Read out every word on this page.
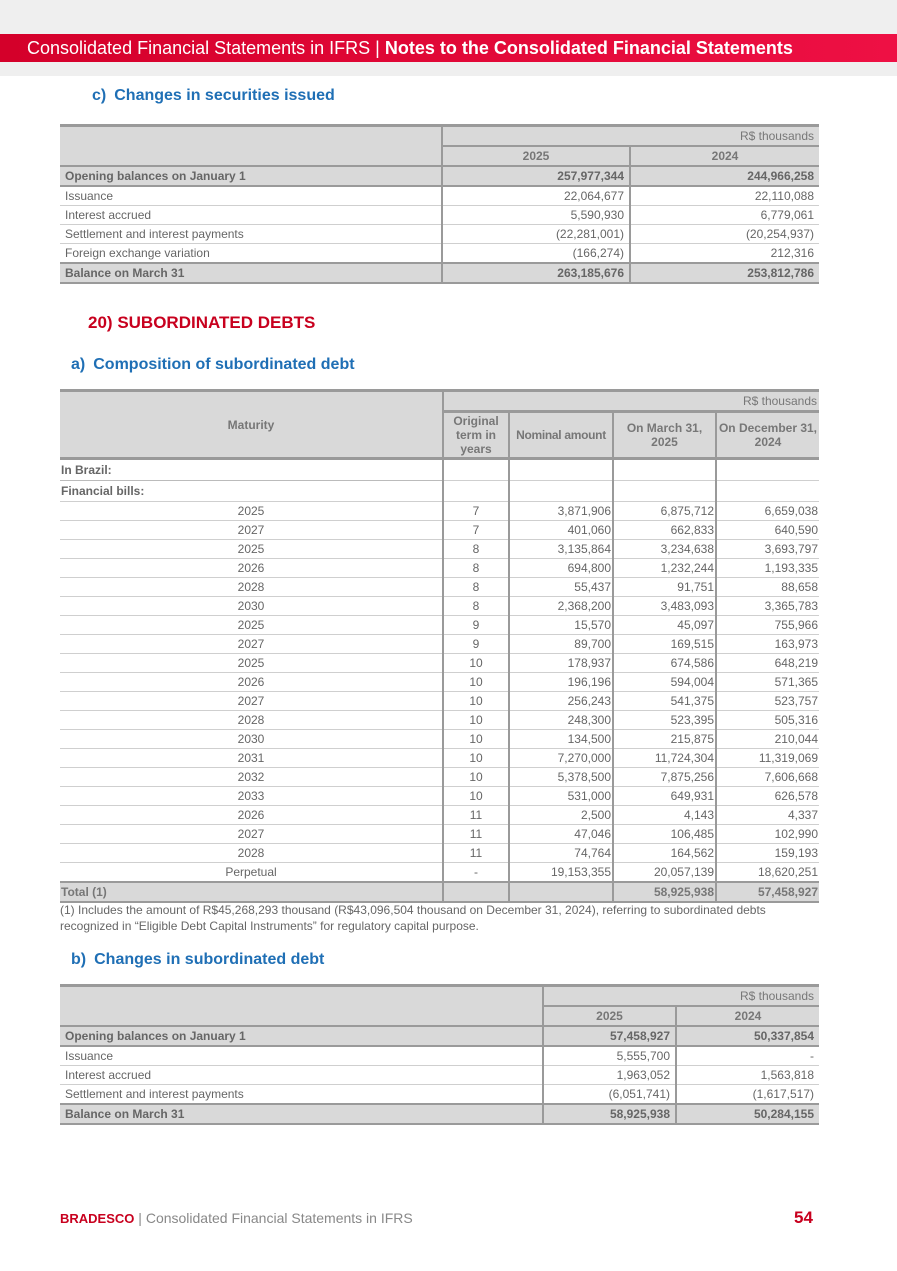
Consolidated Financial Statements in IFRS | Notes to the Consolidated Financial Statements
c) Changes in securities issued
	R$ thousands	
	2025	2024
Opening balances on January 1	257,977,344	244,966,258
Issuance	22,064,677	22,110,088
Interest accrued	5,590,930	6,779,061
Settlement and interest payments	(22,281,001)	(20,254,937)
Foreign exchange variation	(166,274)	212,316
Balance on March 31	263,185,676	253,812,786
20) SUBORDINATED DEBTS
a) Composition of subordinated debt
Maturity	R$ thousands			
	Original term in years	Nominal amount	On March 31, 2025	On December 31, 2024
In Brazil:				
Financial bills:				
2025	7	3,871,906	6,875,712	6,659,038
2027	7	401,060	662,833	640,590
2025	8	3,135,864	3,234,638	3,693,797
2026	8	694,800	1,232,244	1,193,335
2028	8	55,437	91,751	88,658
2030	8	2,368,200	3,483,093	3,365,783
2025	9	15,570	45,097	755,966
2027	9	89,700	169,515	163,973
2025	10	178,937	674,586	648,219
2026	10	196,196	594,004	571,365
2027	10	256,243	541,375	523,757
2028	10	248,300	523,395	505,316
2030	10	134,500	215,875	210,044
2031	10	7,270,000	11,724,304	11,319,069
2032	10	5,378,500	7,875,256	7,606,668
2033	10	531,000	649,931	626,578
2026	11	2,500	4,143	4,337
2027	11	47,046	106,485	102,990
2028	11	74,764	164,562	159,193
Perpetual	-	19,153,355	20,057,139	18,620,251
Total (1)			58,925,938	57,458,927
(1) Includes the amount of R$45,268,293 thousand (R$43,096,504 thousand on December 31, 2024), referring to subordinated debts recognized in “Eligible Debt Capital Instruments” for regulatory capital purpose.
b) Changes in subordinated debt
	R$ thousands	
	2025	2024
Opening balances on January 1	57,458,927	50,337,854
Issuance	5,555,700	-
Interest accrued	1,963,052	1,563,818
Settlement and interest payments	(6,051,741)	(1,617,517)
Balance on March 31	58,925,938	50,284,155
BRADESCO | Consolidated Financial Statements in IFRS	54
